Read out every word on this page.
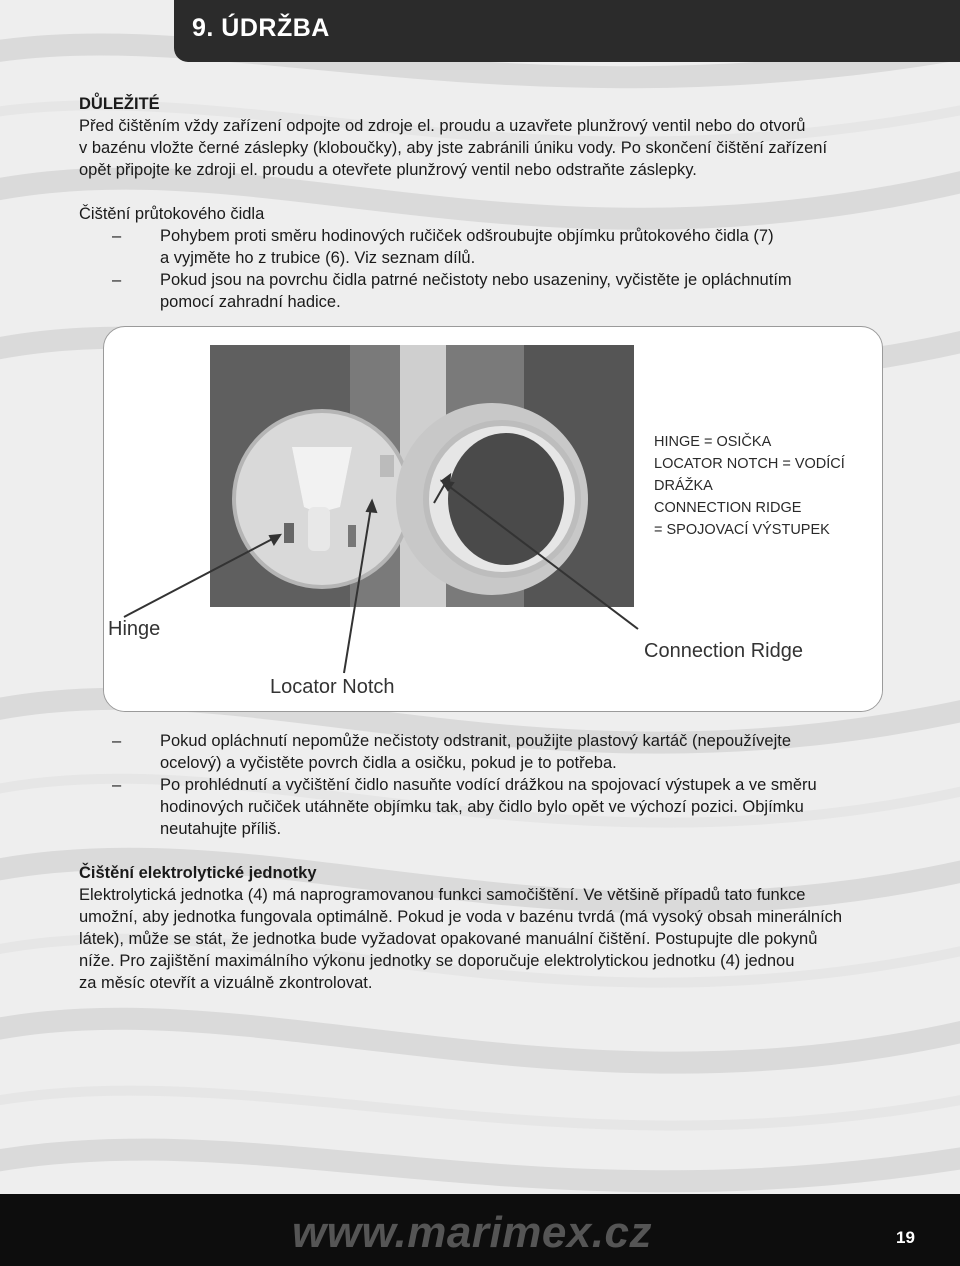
9. ÚDRŽBA
DŮLEŽITÉ
Před čištěním vždy zařízení odpojte od zdroje el. proudu a uzavřete plunžrový ventil nebo do otvorů
v bazénu vložte černé záslepky (kloboučky), aby jste zabránili úniku vody. Po skončení čištění zařízení
opět připojte ke zdroji el. proudu a otevřete plunžrový ventil nebo odstraňte záslepky.
Čištění průtokového čidla
– Pohybem proti směru hodinových ručiček odšroubujte objímku průtokového čidla (7)
a vyjměte ho z trubice (6). Viz seznam dílů.
– Pokud jsou na povrchu čidla patrné nečistoty nebo usazeniny, vyčistěte je opláchnutím
pomocí zahradní hadice.
Hinge
Locator Notch
Connection Ridge
HINGE = OSIČKA
LOCATOR NOTCH = VODÍCÍ
DRÁŽKA
CONNECTION RIDGE
= SPOJOVACÍ VÝSTUPEK
– Pokud opláchnutí nepomůže nečistoty odstranit, použijte plastový kartáč (nepoužívejte
ocelový) a vyčistěte povrch čidla a osičku, pokud je to potřeba.
– Po prohlédnutí a vyčištění čidlo nasuňte vodící drážkou na spojovací výstupek a ve směru
hodinových ručiček utáhněte objímku tak, aby čidlo bylo opět ve výchozí pozici. Objímku
neutahujte příliš.
Čištění elektrolytické jednotky
Elektrolytická jednotka (4) má naprogramovanou funkci samočištění. Ve většině případů tato funkce
umožní, aby jednotka fungovala optimálně. Pokud je voda v bazénu tvrdá (má vysoký obsah minerálních
látek), může se stát, že jednotka bude vyžadovat opakované manuální čištění. Postupujte dle pokynů
níže. Pro zajištění maximálního výkonu jednotky se doporučuje elektrolytickou jednotku (4) jednou
za měsíc otevřít a vizuálně zkontrolovat.
www.marimex.cz	19
